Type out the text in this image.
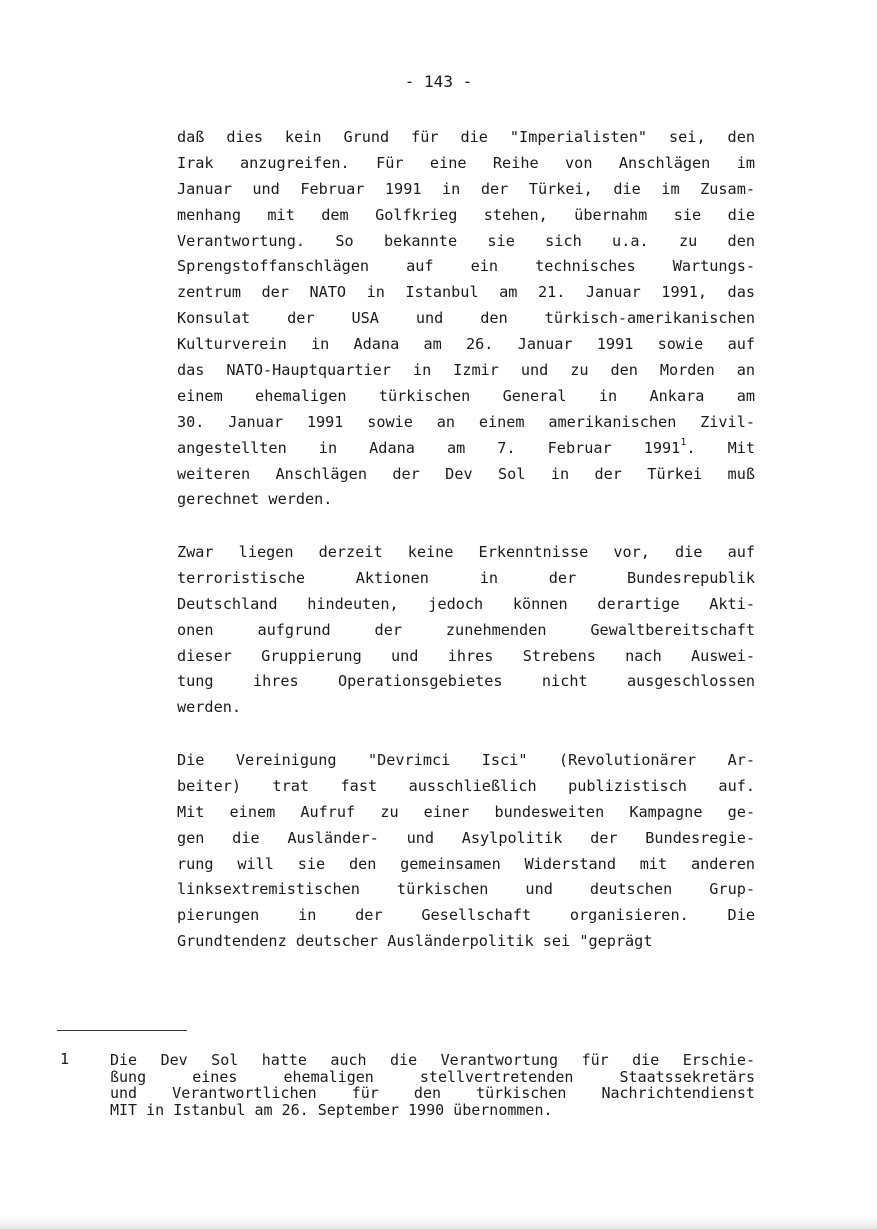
- 143 -
daß dies kein Grund für die "Imperialisten" sei, den
Irak anzugreifen. Für eine Reihe von Anschlägen im
Januar und Februar 1991 in der Türkei, die im Zusam-
menhang mit dem Golfkrieg stehen, übernahm sie die
Verantwortung. So bekannte sie sich u.a. zu den
Sprengstoffanschlägen auf ein technisches Wartungs-
zentrum der NATO in Istanbul am 21. Januar 1991, das
Konsulat der USA und den türkisch-amerikanischen
Kulturverein in Adana am 26. Januar 1991 sowie auf
das NATO-Hauptquartier in Izmir und zu den Morden an
einem ehemaligen türkischen General in Ankara am
30. Januar 1991 sowie an einem amerikanischen Zivil-
angestellten in Adana am 7. Februar 1991$^1$. Mit
weiteren Anschlägen der Dev Sol in der Türkei muß
gerechnet werden.
Zwar liegen derzeit keine Erkenntnisse vor, die auf
terroristische Aktionen in der Bundesrepublik
Deutschland hindeuten, jedoch können derartige Akti-
onen aufgrund der zunehmenden Gewaltbereitschaft
dieser Gruppierung und ihres Strebens nach Auswei-
tung ihres Operationsgebietes nicht ausgeschlossen
werden.
Die Vereinigung "Devrimci Isci" (Revolutionärer Ar-
beiter) trat fast ausschließlich publizistisch auf.
Mit einem Aufruf zu einer bundesweiten Kampagne ge-
gen die Ausländer- und Asylpolitik der Bundesregie-
rung will sie den gemeinsamen Widerstand mit anderen
linksextremistischen türkischen und deutschen Grup-
pierungen in der Gesellschaft organisieren. Die
Grundtendenz deutscher Ausländerpolitik sei "geprägt
1	Die Dev Sol hatte auch die Verantwortung für die Erschie-
ßung eines ehemaligen stellvertretenden Staatssekretärs
und Verantwortlichen für den türkischen Nachrichtendienst
MIT in Istanbul am 26. September 1990 übernommen.
